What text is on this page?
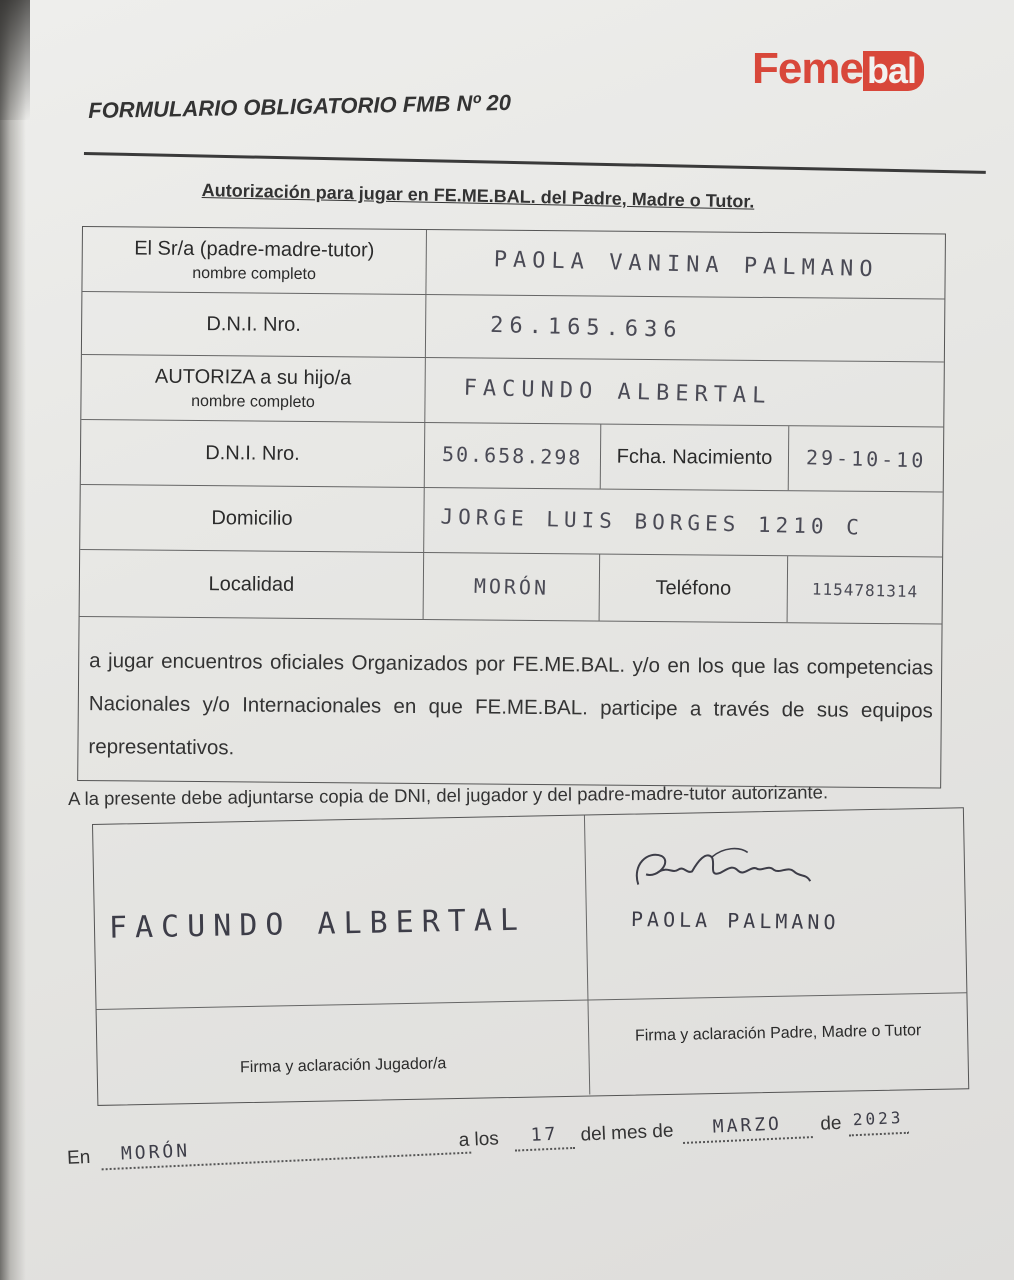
Feme bal
FORMULARIO OBLIGATORIO FMB Nº 20
Autorización para jugar en FE.ME.BAL. del Padre, Madre o Tutor.
El Sr/a (padre-madre-tutor)
nombre completo	PAOLA VANINA PALMANO
D.N.I. Nro.	26.165.636
AUTORIZA a su hijo/a
nombre completo	FACUNDO ALBERTAL
D.N.I. Nro.	50.658.298 Fcha. Nacimiento 29-10-10
Domicilio	JORGE LUIS BORGES 1210 C
Localidad	MORÓN	Teléfono	1154781314
a jugar encuentros oficiales Organizados por FE.ME.BAL. y/o en los que las competencias Nacionales y/o Internacionales en que FE.ME.BAL. participe a través de sus equipos representativos.
A la presente debe adjuntarse copia de DNI, del jugador y del padre-madre-tutor autorizante.
FACUNDO ALBERTAL	PAOLA PALMANO
Firma y aclaración Jugador/a
Firma y aclaración Padre, Madre o Tutor
En	MORÓN
a los	17	del mes de	MARZO	de 2023
